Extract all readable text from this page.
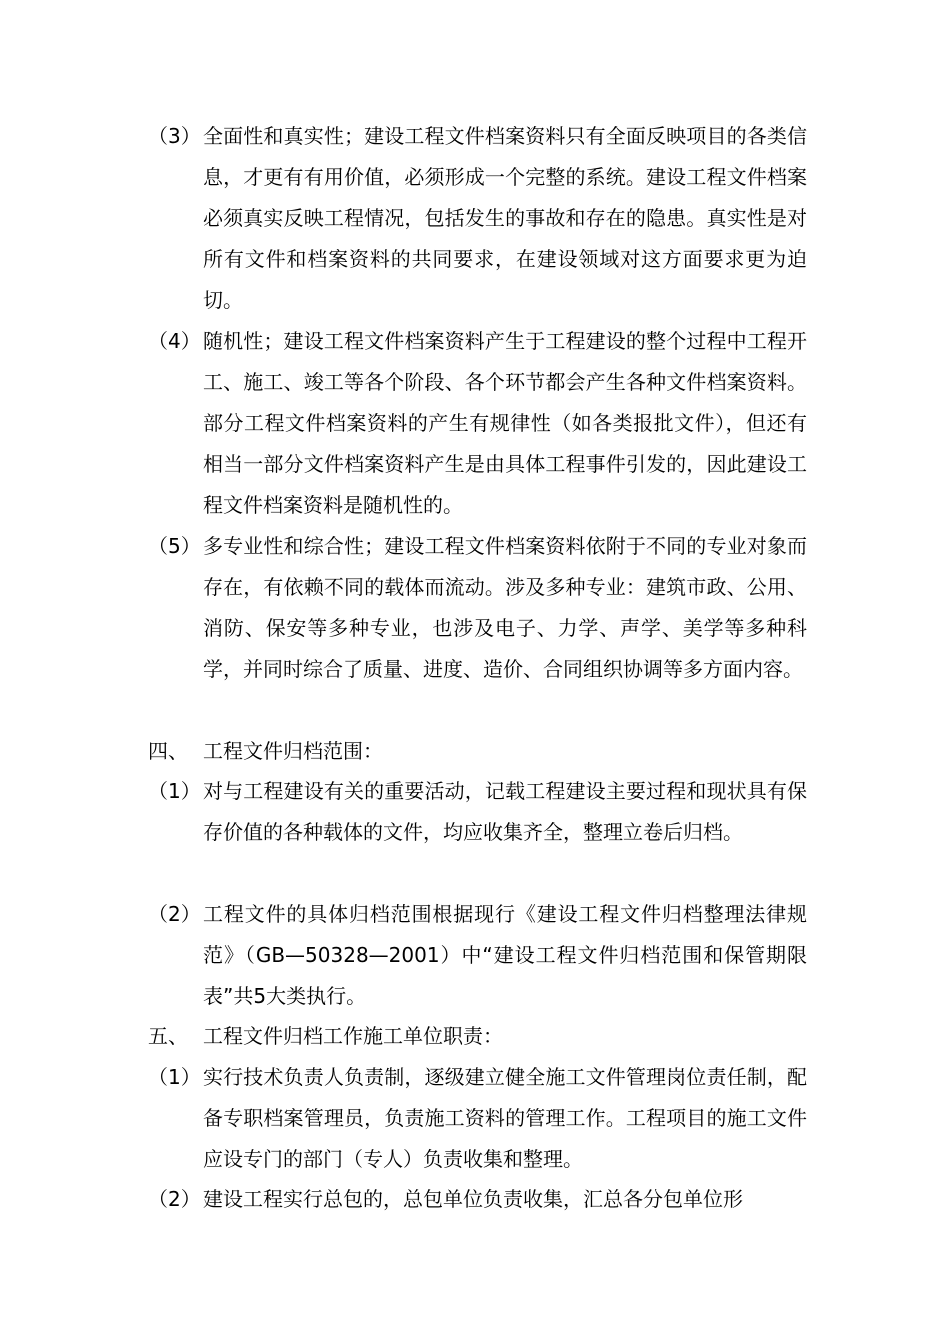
（3） 全面性和真实性；建设工程文件档案资料只有全面反映项目的各类信息，才更有有用价值，必须形成一个完整的系统。建设工程文件档案必须真实反映工程情况，包括发生的事故和存在的隐患。真实性是对所有文件和档案资料的共同要求，在建设领域对这方面要求更为迫切。
（4） 随机性；建设工程文件档案资料产生于工程建设的整个过程中工程开工、施工、竣工等各个阶段、各个环节都会产生各种文件档案资料。部分工程文件档案资料的产生有规律性（如各类报批文件），但还有相当一部分文件档案资料产生是由具体工程事件引发的，因此建设工程文件档案资料是随机性的。
（5） 多专业性和综合性；建设工程文件档案资料依附于不同的专业对象而存在，有依赖不同的载体而流动。涉及多种专业：建筑市政、公用、消防、保安等多种专业，也涉及电子、力学、声学、美学等多种科学，并同时综合了质量、进度、造价、合同组织协调等多方面内容。
四、 工程文件归档范围：
（1） 对与工程建设有关的重要活动，记载工程建设主要过程和现状具有保存价值的各种载体的文件，均应收集齐全，整理立卷后归档。
（2） 工程文件的具体归档范围根据现行《建设工程文件归档整理法律规范》（GB—50328—2001）中“建设工程文件归档范围和保管期限表”共5大类执行。
五、 工程文件归档工作施工单位职责：
（1） 实行技术负责人负责制，逐级建立健全施工文件管理岗位责任制，配备专职档案管理员，负责施工资料的管理工作。工程项目的施工文件应设专门的部门（专人）负责收集和整理。
（2） 建设工程实行总包的，总包单位负责收集，汇总各分包单位形
